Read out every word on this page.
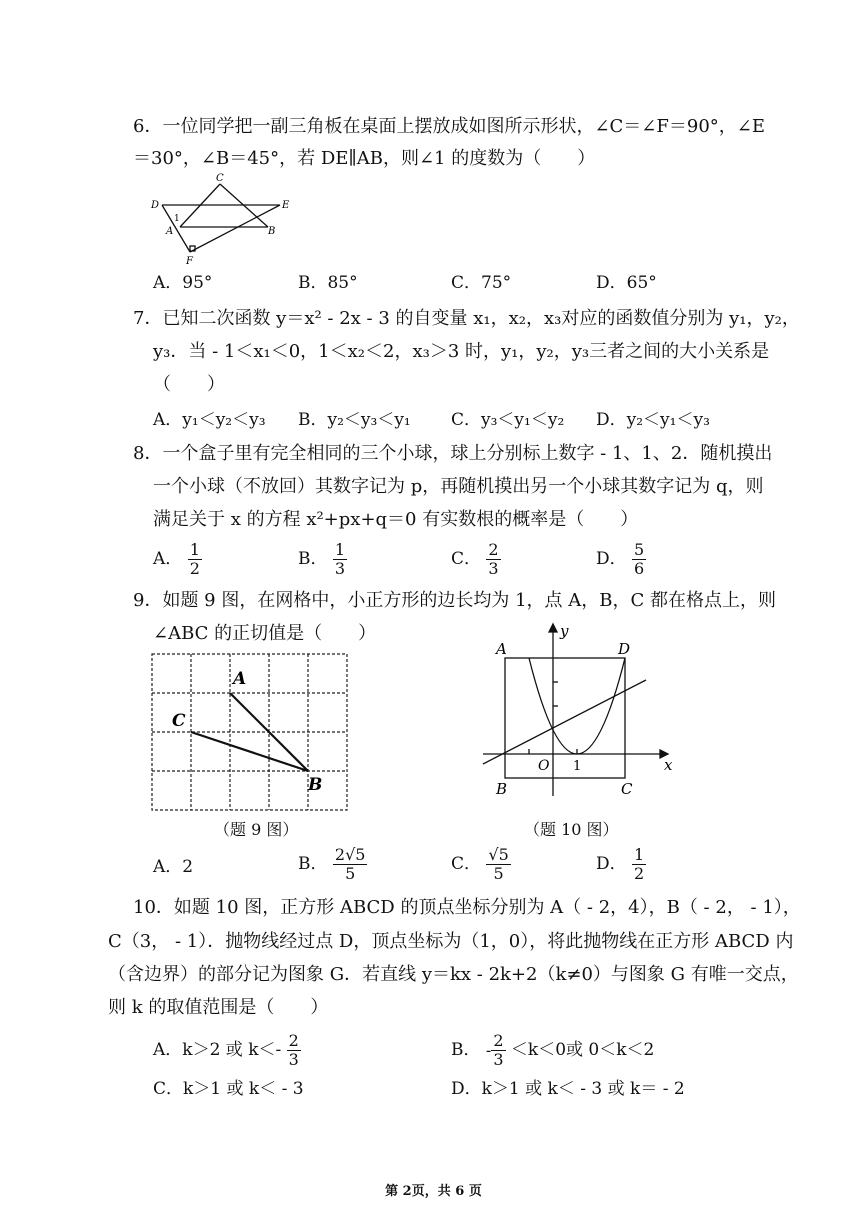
6．一位同学把一副三角板在桌面上摆放成如图所示形状，∠C＝∠F＝90°，∠E
＝30°，∠B＝45°，若 DE∥AB，则∠1 的度数为（　　）
C
D	E
1
A	B
F
A．95°	B．85°	C．75°	D．65°
7．已知二次函数 y＝x² - 2x - 3 的自变量 x₁，x₂，x₃对应的函数值分别为 y₁，y₂，
y₃．当 - 1＜x₁＜0，1＜x₂＜2，x₃＞3 时，y₁，y₂，y₃三者之间的大小关系是
（　　）
A．y₁＜y₂＜y₃ B．y₂＜y₃＜y₁ C．y₃＜y₁＜y₂ D．y₂＜y₁＜y₃
8．一个盒子里有完全相同的三个小球，球上分别标上数字 - 1、1、2．随机摸出
一个小球（不放回）其数字记为 p，再随机摸出另一个小球其数字记为 q，则
满足关于 x 的方程 x²+px+q＝0 有实数根的概率是（　　）
A． $\frac{1}{2}$	B． $\frac{1}{3}$	C． $\frac{2}{3}$	D． $\frac{5}{6}$
9．如题 9 图，在网格中，小正方形的边长均为 1，点 A，B，C 都在格点上，则
∠ABC 的正切值是（　　）
A
C
B
（题 9 图）
A	D
B	C
O 1	x
y
（题 10 图）
A．2	B． $\frac{2√5}{5}$	C． $\frac{√5}{5}$	D． $\frac{1}{2}$
10．如题 10 图，正方形 ABCD 的顶点坐标分别为 A（ - 2，4），B（ - 2， - 1），
C（3， - 1）．抛物线经过点 D，顶点坐标为（1，0），将此抛物线在正方形 ABCD 内
（含边界）的部分记为图象 G．若直线 y＝kx - 2k+2（k≠0）与图象 G 有唯一交点，
则 k 的取值范围是（　　）
A．k＞2 或 $k<- \frac{2}{3}$	B． - $\frac{2}{3} <k<0$或 0＜k＜2
C．k＞1 或 k＜ - 3	D．k＞1 或 k＜ - 3 或 k＝ - 2
第 2页，共 6 页
